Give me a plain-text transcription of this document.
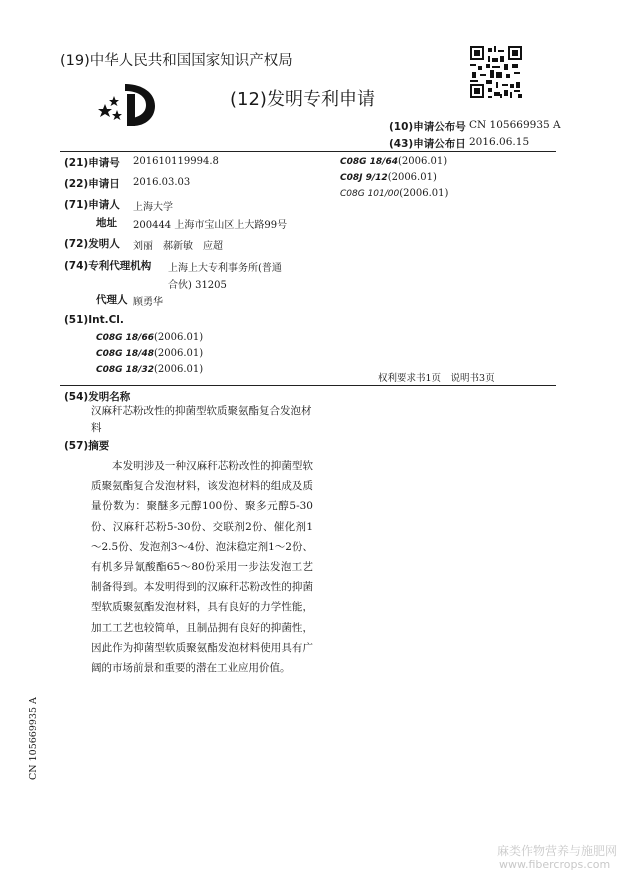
(19)中华人民共和国国家知识产权局
(12)发明专利申请
(10)申请公布号 CN 105669935 A
(43)申请公布日 2016.06.15
(21)申请号 201610119994.8
(22)申请日 2016.03.03
(71)申请人 上海大学
地址 200444 上海市宝山区上大路99号
(72)发明人 刘丽　郝新敏　应超
(74)专利代理机构 上海上大专利事务所(普通
合伙) 31205
代理人 顾勇华
(51)Int.Cl.
C08G 18/66(2006.01)
C08G 18/48(2006.01)
C08G 18/32(2006.01)
C08G 18/64(2006.01)
C08J 9/12(2006.01)
C08G 101/00(2006.01)
权利要求书1页　说明书3页
(54)发明名称
汉麻秆芯粉改性的抑菌型软质聚氨酯复合发泡材料
(57)摘要
本发明涉及一种汉麻秆芯粉改性的抑菌型软质聚氨酯复合发泡材料，该发泡材料的组成及质量份数为：聚醚多元醇100份、聚多元醇5-30份、汉麻秆芯粉5-30份、交联剂2份、催化剂1～2.5份、发泡剂3～4份、泡沫稳定剂1～2份、有机多异氰酸酯65～80份采用一步法发泡工艺制备得到。本发明得到的汉麻秆芯粉改性的抑菌型软质聚氨酯发泡材料，具有良好的力学性能，加工工艺也较简单，且制品拥有良好的抑菌性，因此作为抑菌型软质聚氨酯发泡材料使用具有广阔的市场前景和重要的潜在工业应用价值。
CN 105669935 A
麻类作物营养与施肥网
www.fibercrops.com
